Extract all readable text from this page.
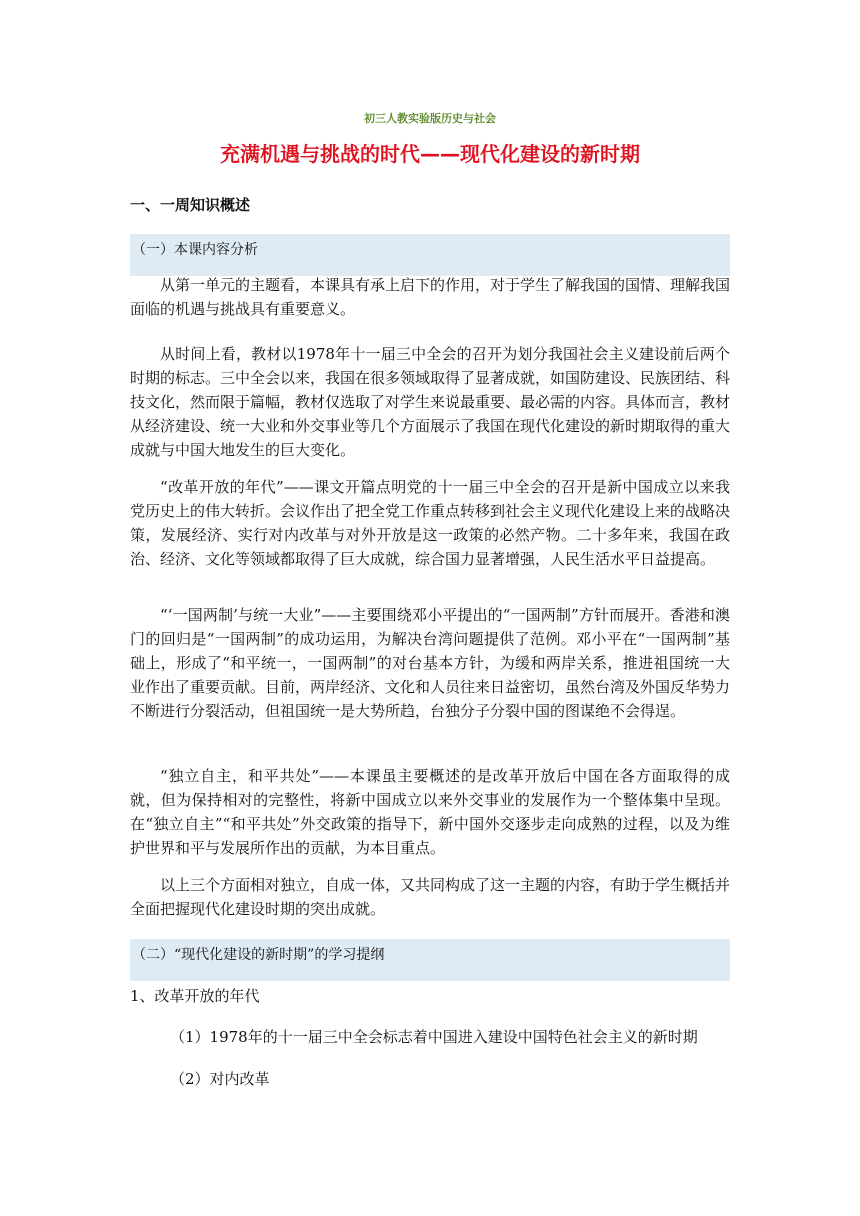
初三人教实验版历史与社会
充满机遇与挑战的时代——现代化建设的新时期
一、一周知识概述
（一）本课内容分析

从第一单元的主题看，本课具有承上启下的作用，对于学生了解我国的国情、理解我国面临的机遇与挑战具有重要意义。

从时间上看，教材以1978年十一届三中全会的召开为划分我国社会主义建设前后两个时期的标志。三中全会以来，我国在很多领域取得了显著成就，如国防建设、民族团结、科技文化，然而限于篇幅，教材仅选取了对学生来说最重要、最必需的内容。具体而言，教材从经济建设、统一大业和外交事业等几个方面展示了我国在现代化建设的新时期取得的重大成就与中国大地发生的巨大变化。

“改革开放的年代”——课文开篇点明党的十一届三中全会的召开是新中国成立以来我党历史上的伟大转折。会议作出了把全党工作重点转移到社会主义现代化建设上来的战略决策，发展经济、实行对内改革与对外开放是这一政策的必然产物。二十多年来，我国在政治、经济、文化等领域都取得了巨大成就，综合国力显著增强，人民生活水平日益提高。

“‘一国两制’与统一大业”——主要围绕邓小平提出的“一国两制”方针而展开。香港和澳门的回归是“一国两制”的成功运用，为解决台湾问题提供了范例。邓小平在“一国两制”基础上，形成了“和平统一，一国两制”的对台基本方针，为缓和两岸关系，推进祖国统一大业作出了重要贡献。目前，两岸经济、文化和人员往来日益密切，虽然台湾及外国反华势力不断进行分裂活动，但祖国统一是大势所趋，台独分子分裂中国的图谋绝不会得逞。

“独立自主，和平共处”——本课虽主要概述的是改革开放后中国在各方面取得的成就，但为保持相对的完整性，将新中国成立以来外交事业的发展作为一个整体集中呈现。在“独立自主”“和平共处”外交政策的指导下，新中国外交逐步走向成熟的过程，以及为维护世界和平与发展所作出的贡献，为本目重点。

以上三个方面相对独立，自成一体，又共同构成了这一主题的内容，有助于学生概括并全面把握现代化建设时期的突出成就。

（二）“现代化建设的新时期”的学习提纲

1、改革开放的年代

（1）1978年的十一届三中全会标志着中国进入建设中国特色社会主义的新时期

（2）对内改革
